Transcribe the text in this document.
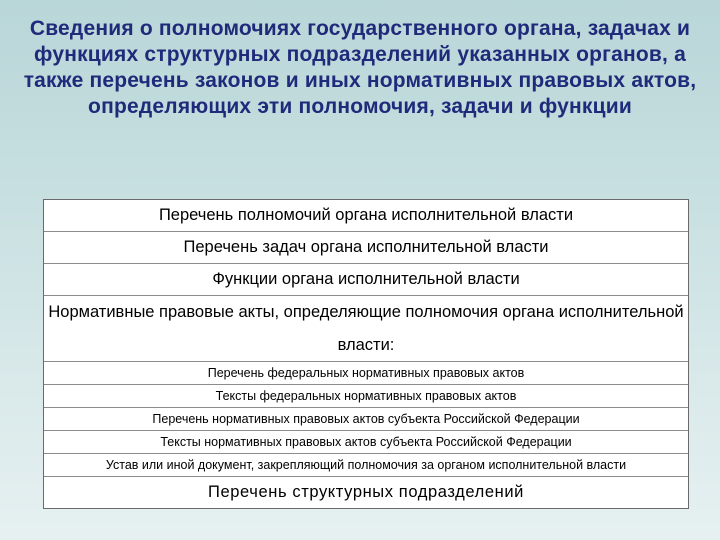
Сведения о полномочиях государственного органа, задачах и функциях структурных подразделений указанных органов, а также перечень законов и иных нормативных правовых актов, определяющих эти полномочия, задачи и функции
Перечень полномочий органа исполнительной власти
Перечень задач органа исполнительной власти
Функции органа исполнительной власти
Нормативные правовые акты, определяющие полномочия органа исполнительной власти:
Перечень федеральных нормативных правовых актов
Тексты федеральных нормативных правовых актов
Перечень нормативных правовых актов субъекта Российской Федерации
Тексты нормативных правовых актов субъекта Российской Федерации
Устав или иной документ, закрепляющий полномочия за органом исполнительной власти
Перечень структурных подразделений
